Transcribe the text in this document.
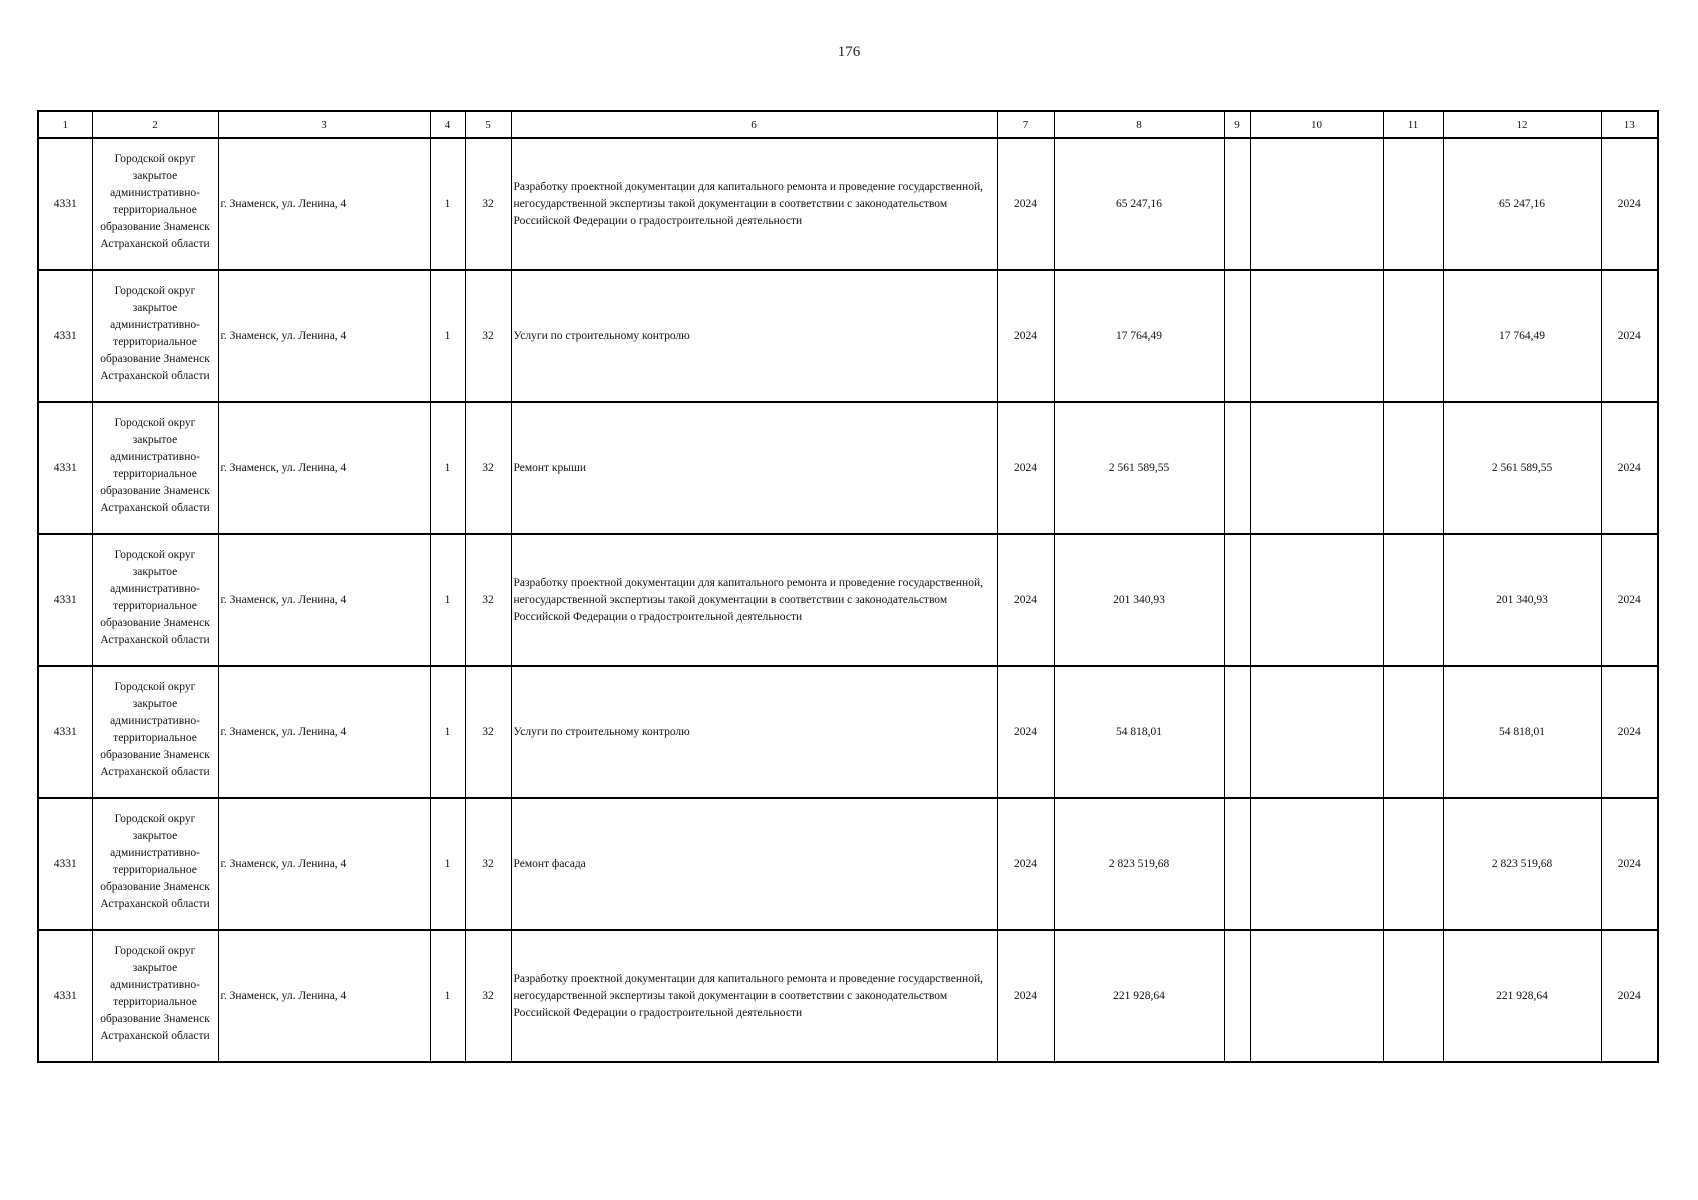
176
1	2	3	4	5	6	7	8	9	10	11	12	13
4331	Городской округ закрытое административно-территориальное образование Знаменск Астраханской области	г. Знаменск, ул. Ленина, 4	1	32	Разработку проектной документации для капитального ремонта и проведение государственной, негосударственной экспертизы такой документации в соответствии с законодательством Российской Федерации о градостроительной деятельности	2024	65 247,16				65 247,16	2024
4331	Городской округ закрытое административно-территориальное образование Знаменск Астраханской области	г. Знаменск, ул. Ленина, 4	1	32	Услуги по строительному контролю	2024	17 764,49				17 764,49	2024
4331	Городской округ закрытое административно-территориальное образование Знаменск Астраханской области	г. Знаменск, ул. Ленина, 4	1	32	Ремонт крыши	2024	2 561 589,55				2 561 589,55	2024
4331	Городской округ закрытое административно-территориальное образование Знаменск Астраханской области	г. Знаменск, ул. Ленина, 4	1	32	Разработку проектной документации для капитального ремонта и проведение государственной, негосударственной экспертизы такой документации в соответствии с законодательством Российской Федерации о градостроительной деятельности	2024	201 340,93				201 340,93	2024
4331	Городской округ закрытое административно-территориальное образование Знаменск Астраханской области	г. Знаменск, ул. Ленина, 4	1	32	Услуги по строительному контролю	2024	54 818,01				54 818,01	2024
4331	Городской округ закрытое административно-территориальное образование Знаменск Астраханской области	г. Знаменск, ул. Ленина, 4	1	32	Ремонт фасада	2024	2 823 519,68				2 823 519,68	2024
4331	Городской округ закрытое административно-территориальное образование Знаменск Астраханской области	г. Знаменск, ул. Ленина, 4	1	32	Разработку проектной документации для капитального ремонта и проведение государственной, негосударственной экспертизы такой документации в соответствии с законодательством Российской Федерации о градостроительной деятельности	2024	221 928,64				221 928,64	2024
